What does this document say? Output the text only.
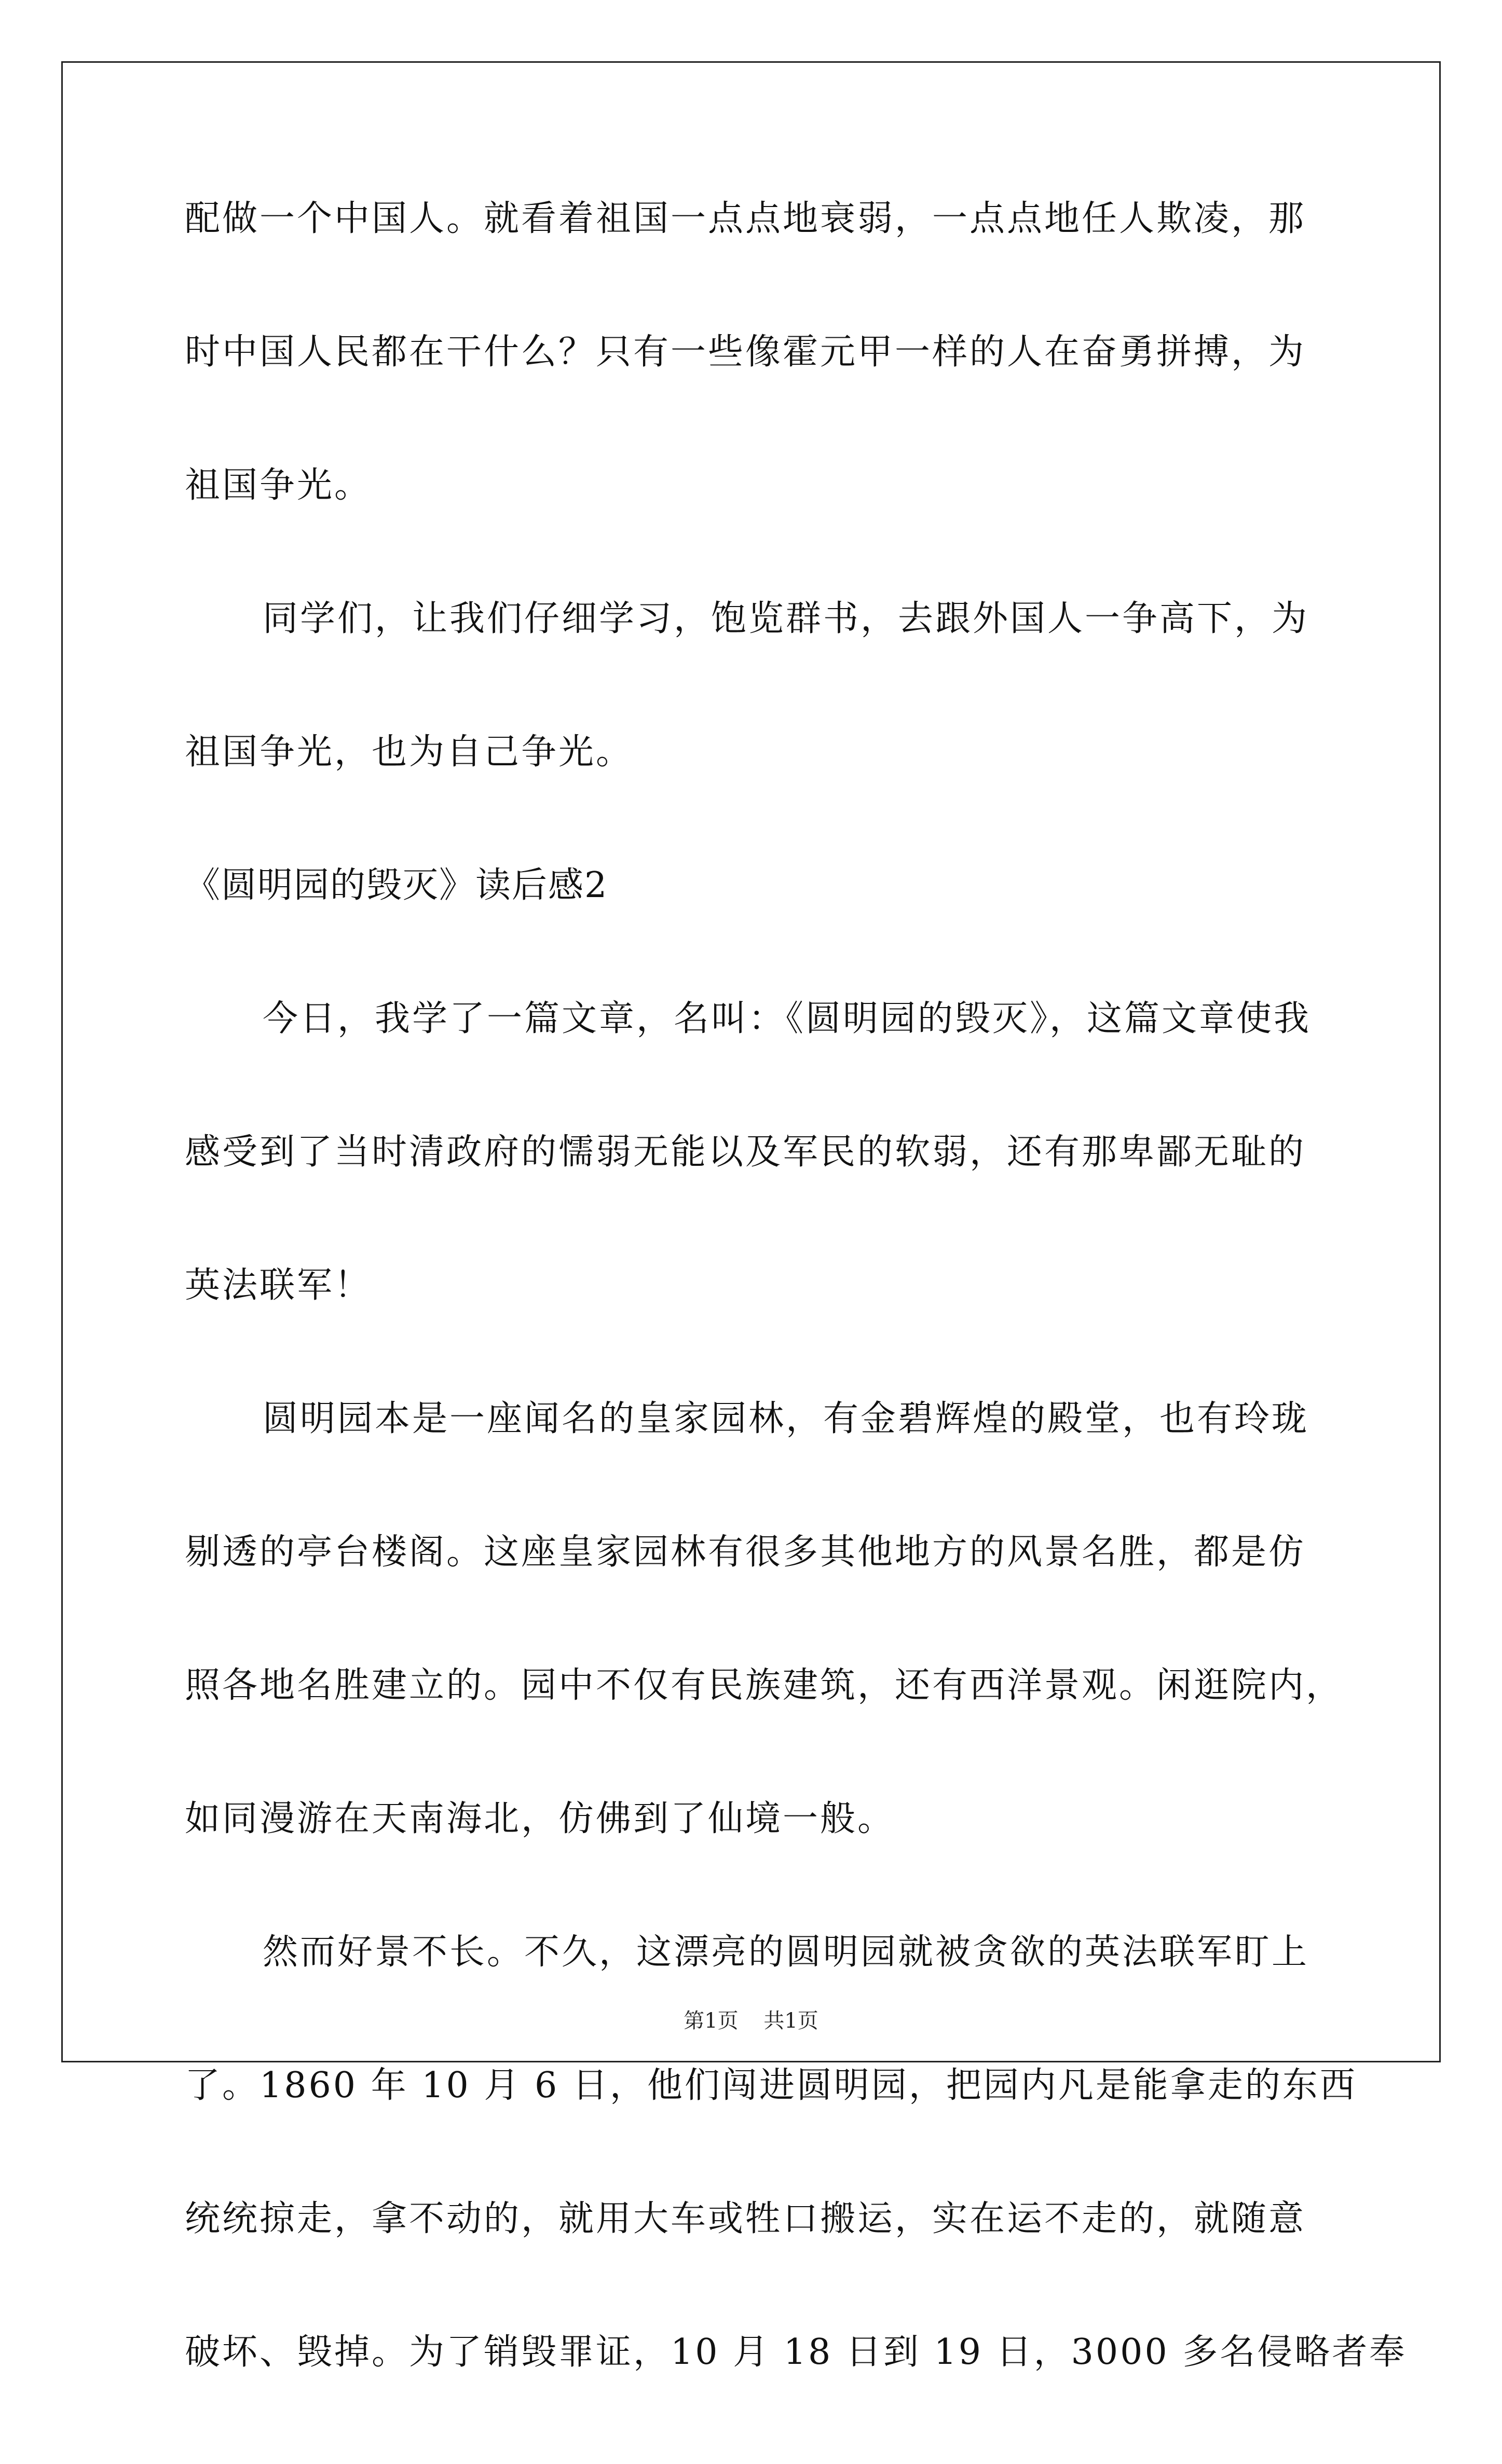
配做一个中国人。就看着祖国一点点地衰弱，一点点地任人欺凌，那
时中国人民都在干什么？只有一些像霍元甲一样的人在奋勇拼搏，为
祖国争光。
同学们，让我们仔细学习，饱览群书，去跟外国人一争高下，为
祖国争光，也为自己争光。
《圆明园的毁灭》读后感2
今日，我学了一篇文章，名叫：《圆明园的毁灭》，这篇文章使我
感受到了当时清政府的懦弱无能以及军民的软弱，还有那卑鄙无耻的
英法联军！
圆明园本是一座闻名的皇家园林，有金碧辉煌的殿堂，也有玲珑
剔透的亭台楼阁。这座皇家园林有很多其他地方的风景名胜，都是仿
照各地名胜建立的。园中不仅有民族建筑，还有西洋景观。闲逛院内，
如同漫游在天南海北，仿佛到了仙境一般。
然而好景不长。不久，这漂亮的圆明园就被贪欲的英法联军盯上
了。1860 年 10 月 6 日，他们闯进圆明园，把园内凡是能拿走的东西
统统掠走，拿不动的，就用大车或牲口搬运，实在运不走的，就随意
破坏、毁掉。为了销毁罪证，10 月 18 日到 19 日，3000 多名侵略者奉
第1页 共1页
